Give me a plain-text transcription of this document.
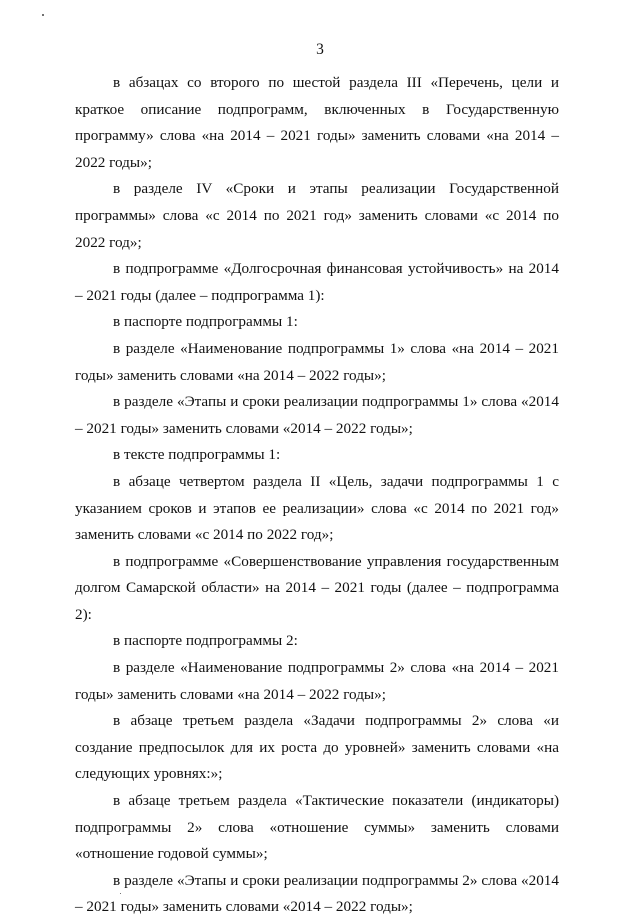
3

в абзацах со второго по шестой раздела III «Перечень, цели и краткое описание подпрограмм, включенных в Государственную программу» слова «на 2014 – 2021 годы» заменить словами «на 2014 – 2022 годы»;

в разделе IV «Сроки и этапы реализации Государственной программы» слова «с 2014 по 2021 год» заменить словами «с 2014 по 2022 год»;

в подпрограмме «Долгосрочная финансовая устойчивость» на 2014 – 2021 годы (далее – подпрограмма 1):

в паспорте подпрограммы 1:

в разделе «Наименование подпрограммы 1» слова «на 2014 – 2021 годы» заменить словами «на 2014 – 2022 годы»;

в разделе «Этапы и сроки реализации подпрограммы 1» слова «2014 – 2021 годы» заменить словами «2014 – 2022 годы»;

в тексте подпрограммы 1:

в абзаце четвертом раздела II «Цель, задачи подпрограммы 1 с указанием сроков и этапов ее реализации» слова «с 2014 по 2021 год» заменить словами «с 2014 по 2022 год»;

в подпрограмме «Совершенствование управления государственным долгом Самарской области» на 2014 – 2021 годы (далее – подпрограмма 2):

в паспорте подпрограммы 2:

в разделе «Наименование подпрограммы 2» слова «на 2014 – 2021 годы» заменить словами «на 2014 – 2022 годы»;

в абзаце третьем раздела «Задачи подпрограммы 2» слова «и создание предпосылок для их роста до уровней» заменить словами «на следующих уровнях:»;

в абзаце третьем раздела «Тактические показатели (индикаторы) подпрограммы 2» слова «отношение суммы» заменить словами «отношение годовой суммы»;

в разделе «Этапы и сроки реализации подпрограммы 2» слова «2014 – 2021 годы» заменить словами «2014 – 2022 годы»;
